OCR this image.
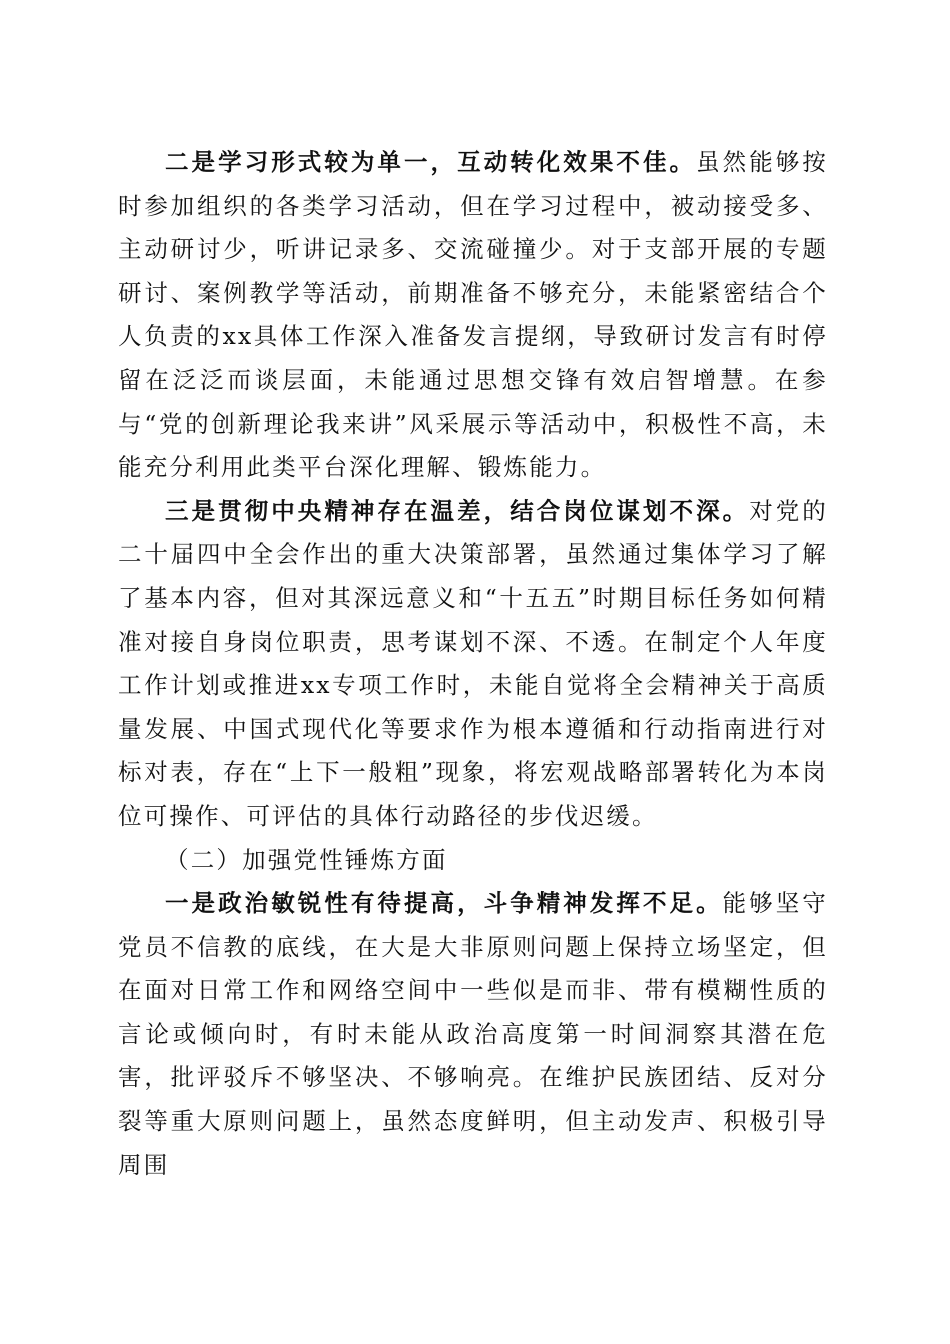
二是学习形式较为单一，互动转化效果不佳。虽然能够按时参加组织的各类学习活动，但在学习过程中，被动接受多、主动研讨少，听讲记录多、交流碰撞少。对于支部开展的专题研讨、案例教学等活动，前期准备不够充分，未能紧密结合个人负责的xx具体工作深入准备发言提纲，导致研讨发言有时停留在泛泛而谈层面，未能通过思想交锋有效启智增慧。在参与“党的创新理论我来讲”风采展示等活动中，积极性不高，未能充分利用此类平台深化理解、锻炼能力。

三是贯彻中央精神存在温差，结合岗位谋划不深。对党的二十届四中全会作出的重大决策部署，虽然通过集体学习了解了基本内容，但对其深远意义和“十五五”时期目标任务如何精准对接自身岗位职责，思考谋划不深、不透。在制定个人年度工作计划或推进xx专项工作时，未能自觉将全会精神关于高质量发展、中国式现代化等要求作为根本遵循和行动指南进行对标对表，存在“上下一般粗”现象，将宏观战略部署转化为本岗位可操作、可评估的具体行动路径的步伐迟缓。

（二）加强党性锤炼方面

一是政治敏锐性有待提高，斗争精神发挥不足。能够坚守党员不信教的底线，在大是大非原则问题上保持立场坚定，但在面对日常工作和网络空间中一些似是而非、带有模糊性质的言论或倾向时，有时未能从政治高度第一时间洞察其潜在危害，批评驳斥不够坚决、不够响亮。在维护民族团结、反对分裂等重大原则问题上，虽然态度鲜明，但主动发声、积极引导周围
